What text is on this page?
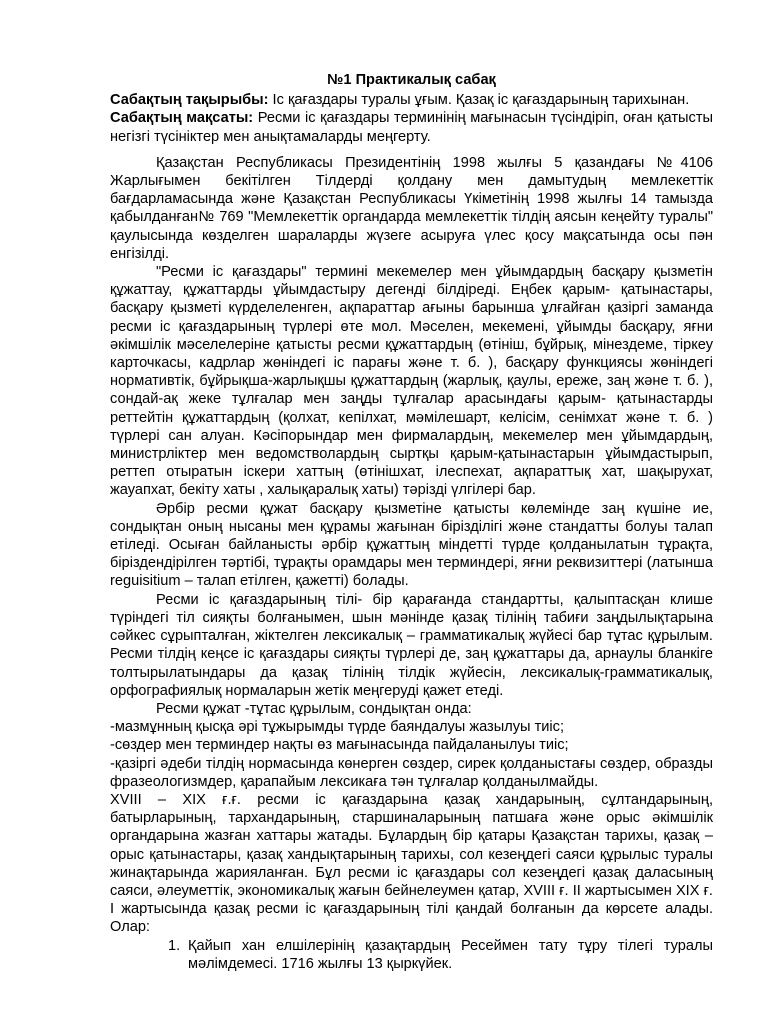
№1 Практикалық сабақ

Сабақтың тақырыбы: Іс қағаздары туралы ұғым. Қазақ іс қағаздарының тарихынан.

Сабақтың мақсаты: Ресми іс қағаздары терминінің мағынасын түсіндіріп, оған қатысты негізгі түсініктер мен анықтамаларды меңгерту.

Қазақстан Республикасы Президентінің 1998 жылғы 5 қазандағы №4106 Жарлығымен бекітілген Тілдерді қолдану мен дамытудың мемлекеттік бағдарламасында және Қазақстан Республикасы Үкіметінің 1998 жылғы 14 тамызда қабылданған№ 769 "Мемлекеттік органдарда мемлекеттік тілдің аясын кеңейту туралы" қаулысында көзделген шараларды жүзеге асыруға үлес қосу мақсатында осы пән енгізілді.

"Ресми іс қағаздары" термині мекемелер мен ұйымдардың басқару қызметін құжаттау, құжаттарды ұйымдастыру дегенді білдіреді. Еңбек қарым- қатынастары, басқару қызметі күрделеленген, ақпараттар ағыны барынша ұлғайған қазіргі заманда ресми іс қағаздарының түрлері өте мол. Мәселен, мекемені, ұйымды басқару, яғни әкімшілік мәселелеріне қатысты ресми құжаттардың (өтініш, бұйрық, мінездеме, тіркеу карточкасы, кадрлар жөніндегі іс парағы және т. б. ), басқару функциясы жөніндегі нормативтік, бұйрықша-жарлықшы құжаттардың (жарлық, қаулы, ереже, заң және т. б. ), сондай-ақ жеке тұлғалар мен заңды тұлғалар арасындағы қарым- қатынастарды реттейтін құжаттардың (қолхат, кепілхат, мәмілешарт, келісім, сенімхат және т. б. ) түрлері сан алуан. Кәсіпорындар мен фирмалардың, мекемелер мен ұйымдардың, министрліктер мен ведомстволардың сыртқы қарым-қатынастарын ұйымдастырып, реттеп отыратын іскери хаттың (өтінішхат, ілеспехат, ақпараттық хат, шақырухат, жауапхат, бекіту хаты , халықаралық хаты) тәрізді үлгілері бар.

Әрбір ресми құжат басқару қызметіне қатысты көлемінде заң күшіне ие, сондықтан оның нысаны мен құрамы жағынан біріздiлiгi және стандатты болуы талап етіледі. Осыған байланысты әрбір құжаттың міндетті түрде қолданылатын тұрақта, біріздендірілген тәртібі, тұрақты орамдары мен терминдері, яғни реквизиттері (латынша reguisitium – талап етілген, қажетті) болады.

Ресми іс қағаздарының тілі- бір қарағанда стандартты, қалыптасқан клише түріндегі тіл сияқты болғанымен, шын мәнінде қазақ тілінің табиғи заңдылықтарына сәйкес сұрыпталған, жіктелген лексикалық – грамматикалық жүйесі бар тұтас құрылым. Ресми тілдің кеңсе іс қағаздары сияқты түрлері де, заң құжаттары да, арнаулы бланкіге толтырылатындары да қазақ тілінің тілдік жүйесін, лексикалық-грамматикалық, орфографиялық нормаларын жетік меңгеруді қажет етеді.

Ресми құжат -тұтас құрылым, сондықтан онда:

-мазмұнның қысқа әрі тұжырымды түрде баяндалуы жазылуы тиіс;

-сөздер мен терминдер нақты өз мағынасында пайдаланылуы тиіс;

-қазіргі әдеби тілдің нормасында көнерген сөздер, сирек қолданыстағы сөздер, образды фразеологизмдер, қарапайым лексикаға тән тұлғалар қолданылмайды.

XVIII – XIX ғ.ғ. ресми іс қағаздарына қазақ хандарының, сұлтандарының, батырларының, тархандарының, старшиналарының патшаға және орыс әкімшілік органдарына жазған хаттары жатады. Бұлардың бір қатары Қазақстан тарихы, қазақ – орыс қатынастары, қазақ хандықтарының тарихы, сол кезеңдегі саяси құрылыс туралы жинақтарында жарияланған. Бұл ресми іс қағаздары сол кезеңдегі қазақ даласының саяси, әлеуметтік, экономикалық жағын бейнелеумен қатар, XVIII ғ. ІІ жартысымен XIX ғ. І жартысында қазақ ресми іс қағаздарының тілі қандай болғанын да көрсете алады. Олар:

1. Қайып хан елшілерінің қазақтардың Ресеймен тату тұру тілегі туралы мәлімдемесі. 1716 жылғы 13 қыркүйек.
